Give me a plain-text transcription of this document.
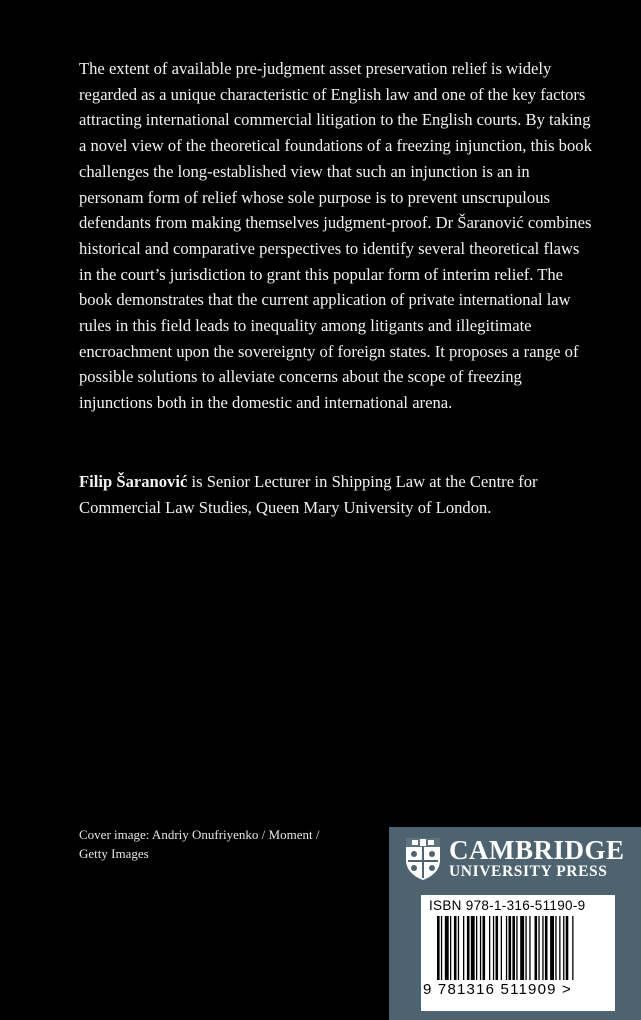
The extent of available pre-judgment asset preservation relief is widely regarded as a unique characteristic of English law and one of the key factors attracting international commercial litigation to the English courts. By taking a novel view of the theoretical foundations of a freezing injunction, this book challenges the long-established view that such an injunction is an in personam form of relief whose sole purpose is to prevent unscrupulous defendants from making themselves judgment-proof. Dr Šaranović combines historical and comparative perspectives to identify several theoretical flaws in the court’s jurisdiction to grant this popular form of interim relief. The book demonstrates that the current application of private international law rules in this field leads to inequality among litigants and illegitimate encroachment upon the sovereignty of foreign states. It proposes a range of possible solutions to alleviate concerns about the scope of freezing injunctions both in the domestic and international arena.

Filip Šaranović is Senior Lecturer in Shipping Law at the Centre for Commercial Law Studies, Queen Mary University of London.
Cover image: Andriy Onufriyenko / Moment /
Getty Images	CAMBRIDGE
UNIVERSITY PRESS
ISBN 978-1-316-51190-9
9 781316 511909 >
